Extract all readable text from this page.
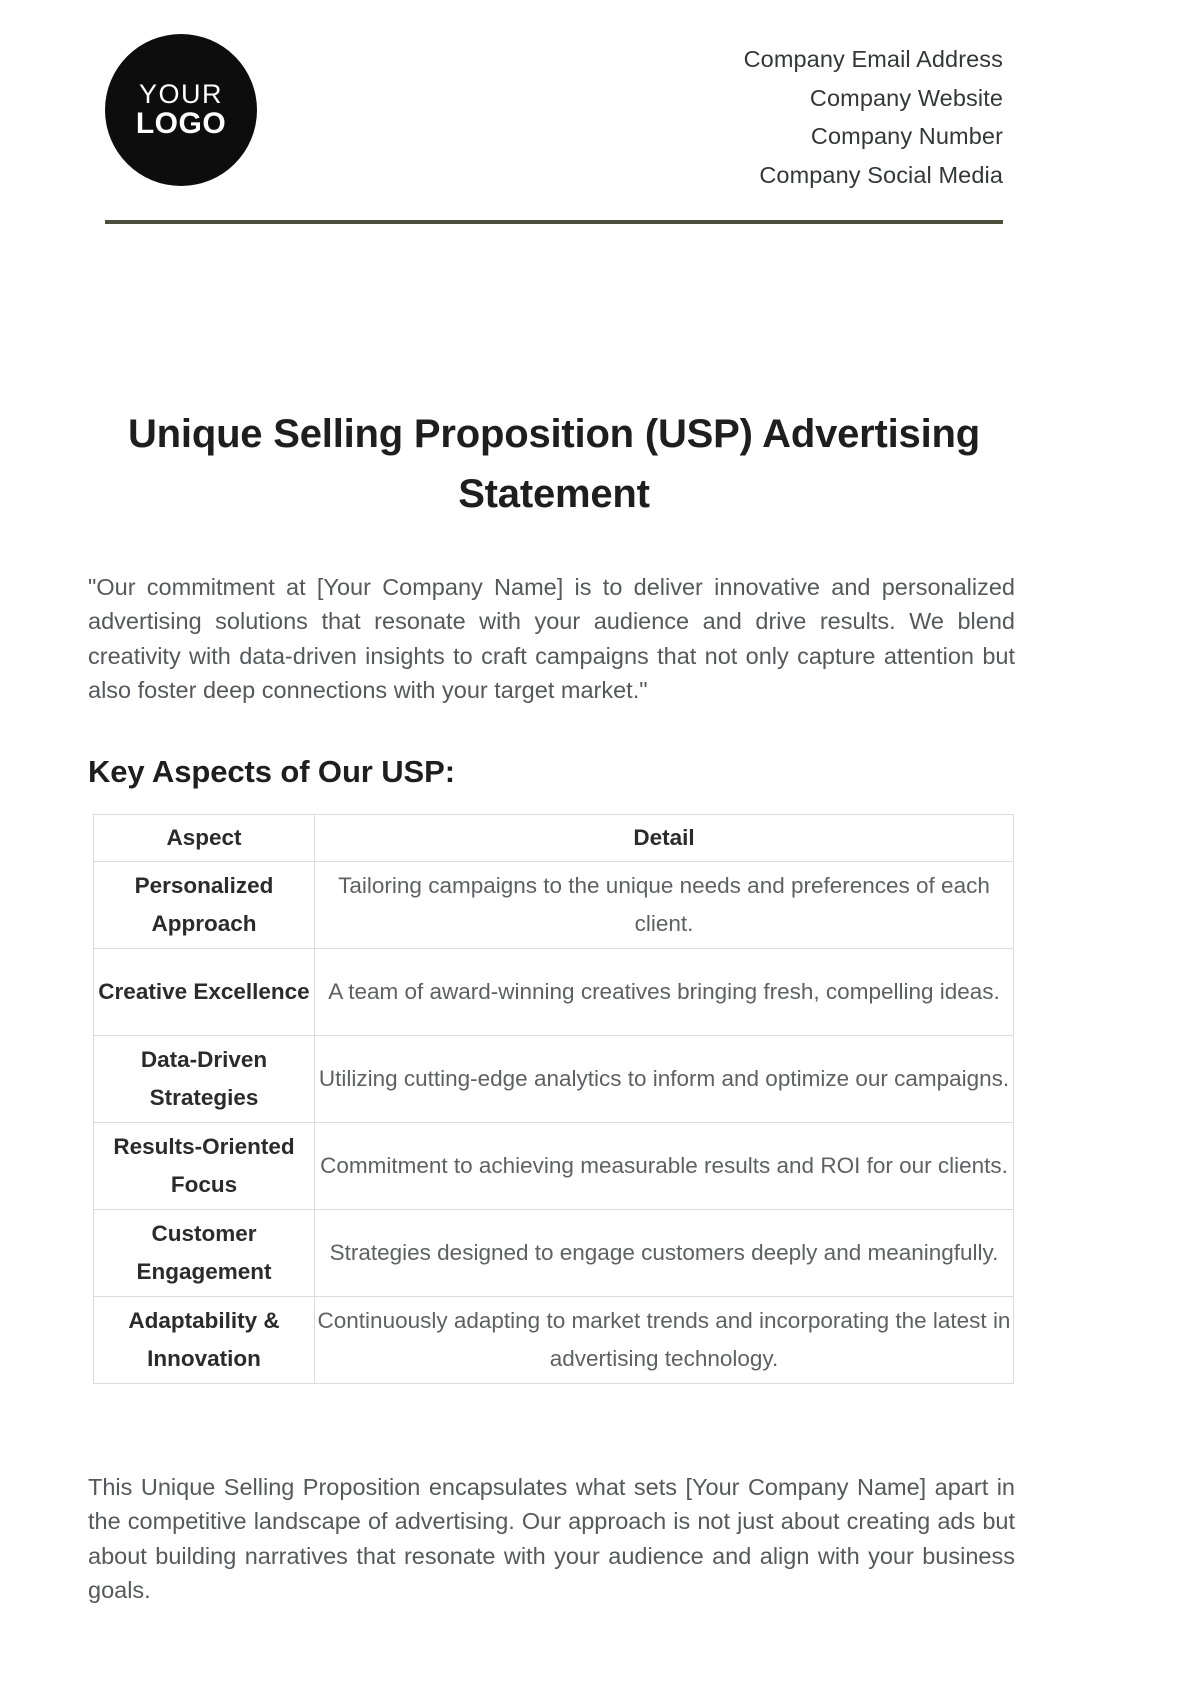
YOUR
LOGO
Company Email Address
Company Website
Company Number
Company Social Media
Unique Selling Proposition (USP) Advertising Statement

"Our commitment at [Your Company Name] is to deliver innovative and personalized advertising solutions that resonate with your audience and drive results. We blend creativity with data-driven insights to craft campaigns that not only capture attention but also foster deep connections with your target market."

Key Aspects of Our USP:
Aspect	Detail
Personalized Approach	Tailoring campaigns to the unique needs and preferences of each client.
Creative Excellence	A team of award-winning creatives bringing fresh, compelling ideas.
Data-Driven Strategies	Utilizing cutting-edge analytics to inform and optimize our campaigns.
Results-Oriented Focus	Commitment to achieving measurable results and ROI for our clients.
Customer Engagement	Strategies designed to engage customers deeply and meaningfully.
Adaptability & Innovation	Continuously adapting to market trends and incorporating the latest in advertising technology.

This Unique Selling Proposition encapsulates what sets [Your Company Name] apart in the competitive landscape of advertising. Our approach is not just about creating ads but about building narratives that resonate with your audience and align with your business goals.
